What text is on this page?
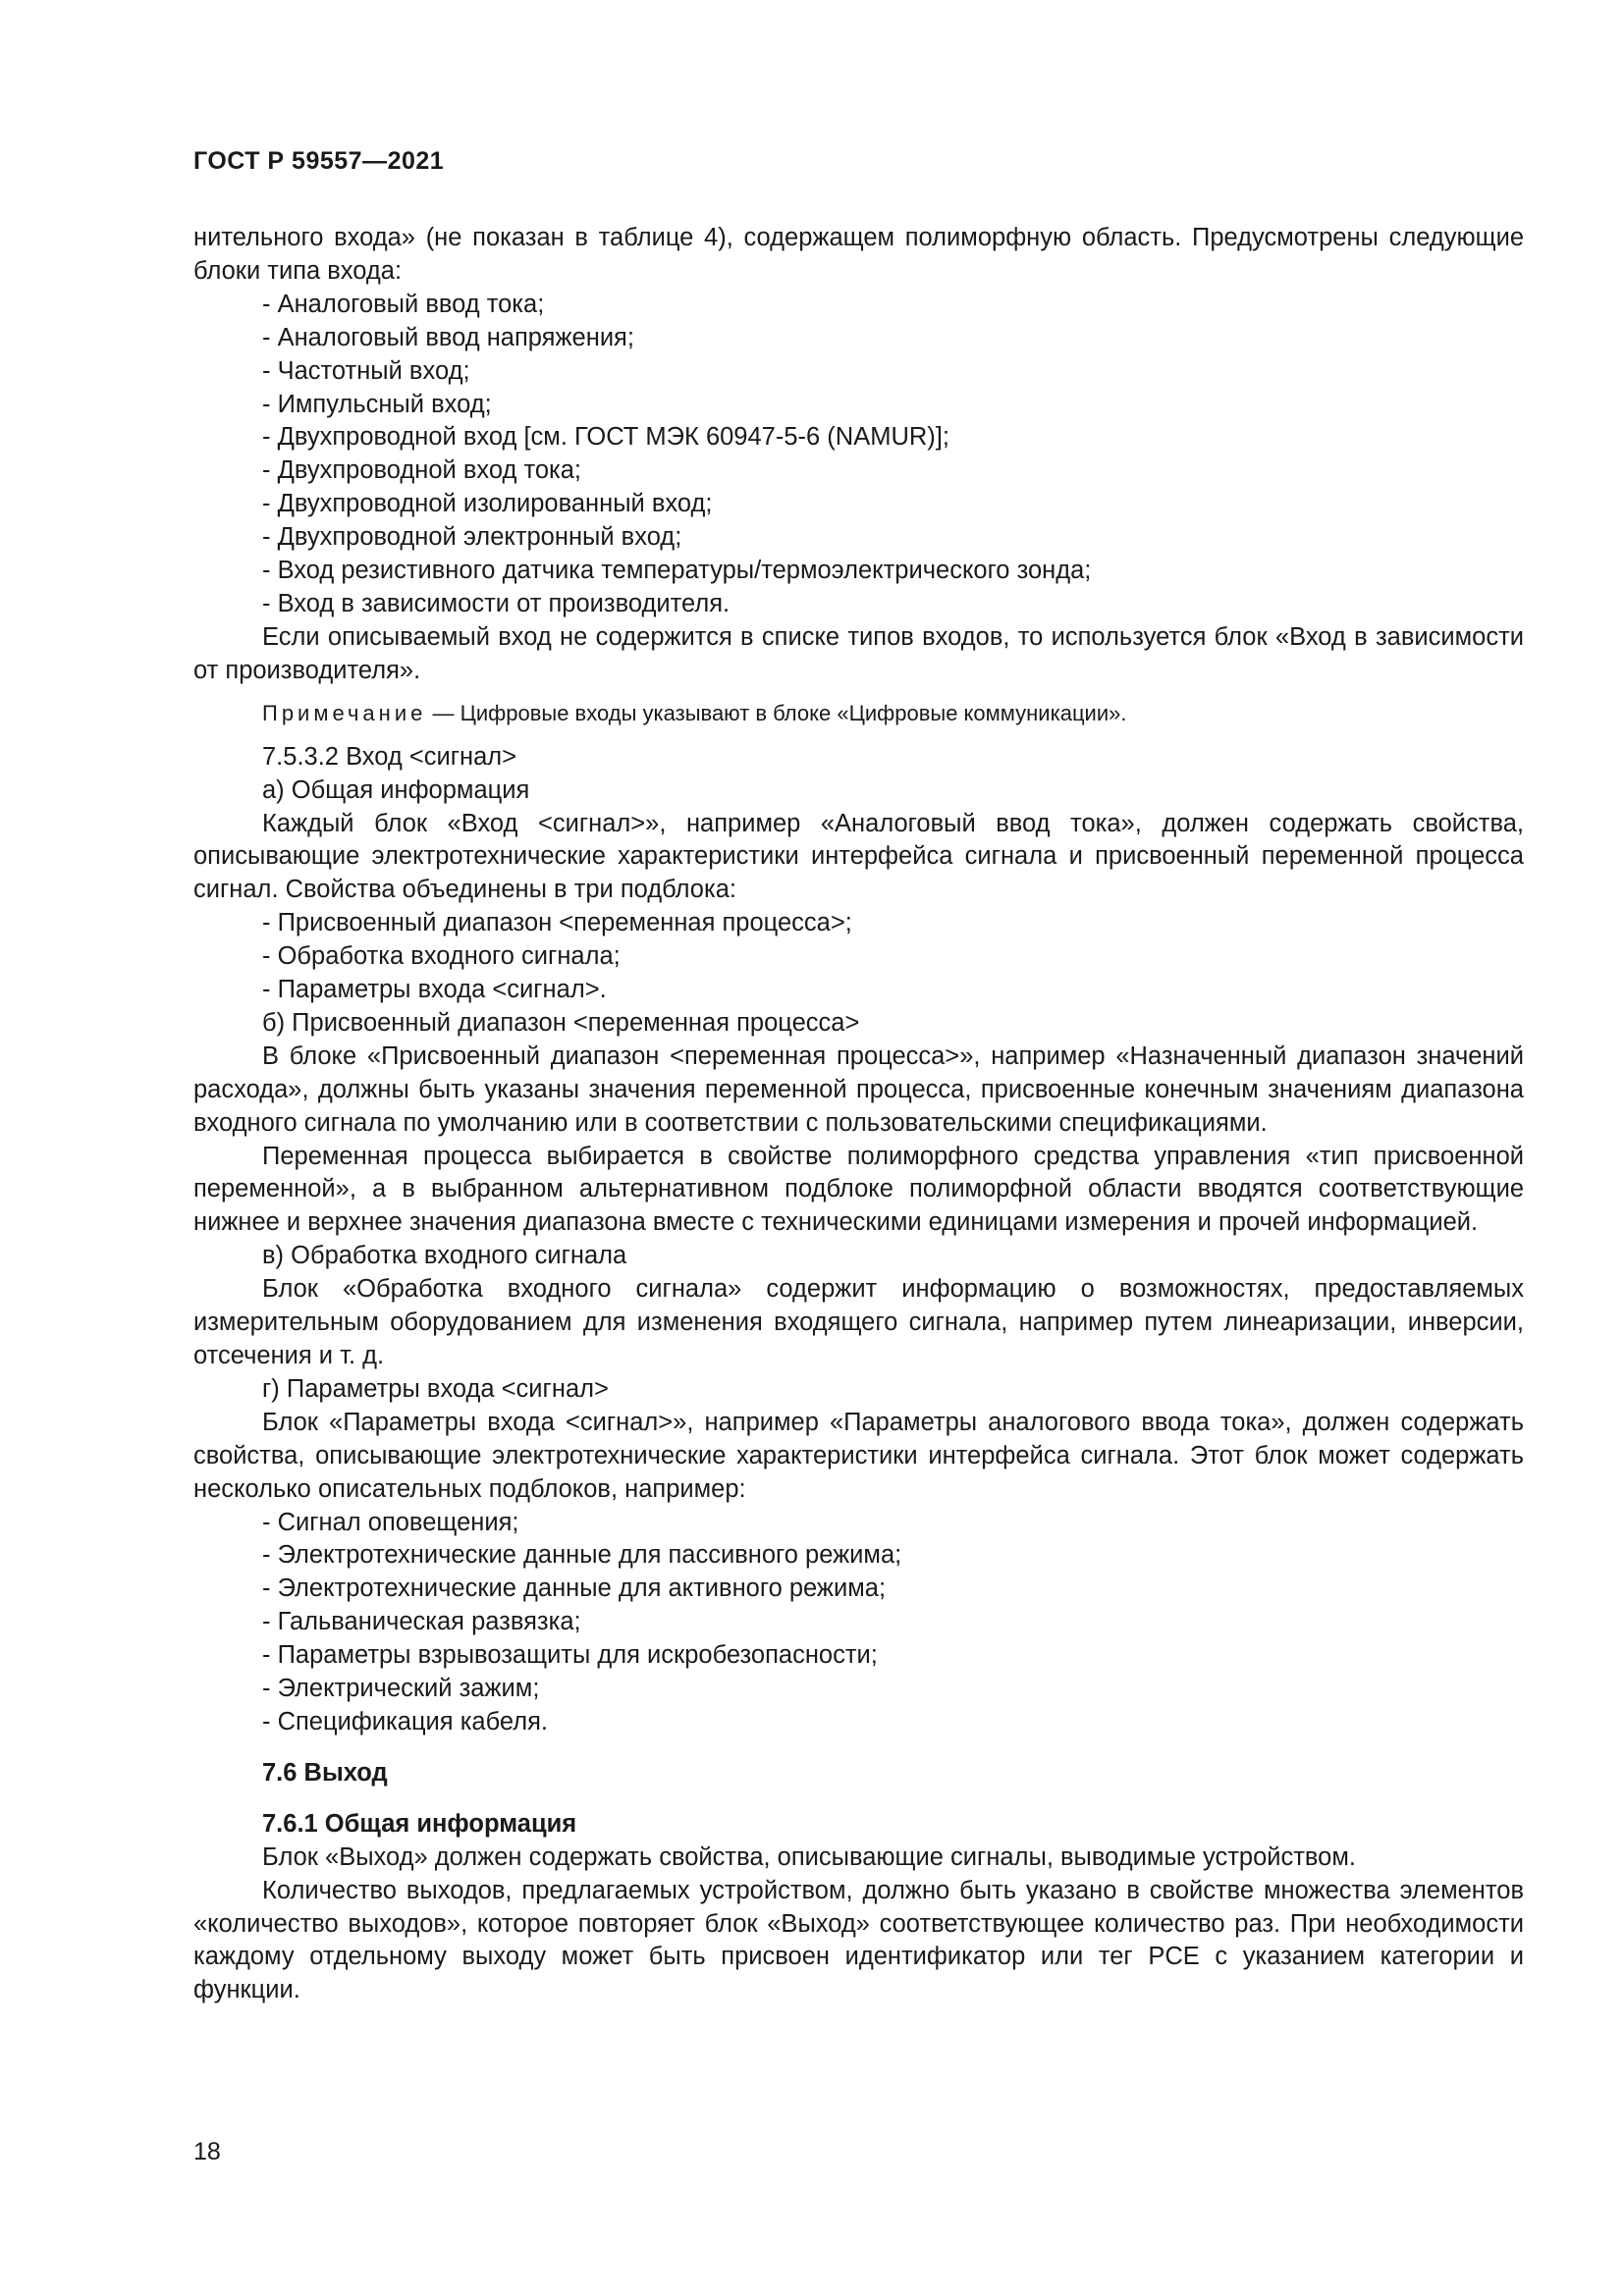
ГОСТ Р 59557—2021

нительного входа» (не показан в таблице 4), содержащем полиморфную область. Предусмотрены следующие блоки типа входа:

- Аналоговый ввод тока;

- Аналоговый ввод напряжения;

- Частотный вход;

- Импульсный вход;

- Двухпроводной вход [см. ГОСТ МЭК 60947-5-6 (NAMUR)];

- Двухпроводной вход тока;

- Двухпроводной изолированный вход;

- Двухпроводной электронный вход;

- Вход резистивного датчика температуры/термоэлектрического зонда;

- Вход в зависимости от производителя.

Если описываемый вход не содержится в списке типов входов, то используется блок «Вход в зависимости от производителя».

Примечание — Цифровые входы указывают в блоке «Цифровые коммуникации».

7.5.3.2 Вход <сигнал>

а) Общая информация

Каждый блок «Вход <сигнал>», например «Аналоговый ввод тока», должен содержать свойства, описывающие электротехнические характеристики интерфейса сигнала и присвоенный переменной процесса сигнал. Свойства объединены в три подблока:

- Присвоенный диапазон <переменная процесса>;

- Обработка входного сигнала;

- Параметры входа <сигнал>.

б) Присвоенный диапазон <переменная процесса>

В блоке «Присвоенный диапазон <переменная процесса>», например «Назначенный диапазон значений расхода», должны быть указаны значения переменной процесса, присвоенные конечным значениям диапазона входного сигнала по умолчанию или в соответствии с пользовательскими спецификациями.

Переменная процесса выбирается в свойстве полиморфного средства управления «тип присвоенной переменной», а в выбранном альтернативном подблоке полиморфной области вводятся соответствующие нижнее и верхнее значения диапазона вместе с техническими единицами измерения и прочей информацией.

в) Обработка входного сигнала

Блок «Обработка входного сигнала» содержит информацию о возможностях, предоставляемых измерительным оборудованием для изменения входящего сигнала, например путем линеаризации, инверсии, отсечения и т. д.

г) Параметры входа <сигнал>

Блок «Параметры входа <сигнал>», например «Параметры аналогового ввода тока», должен содержать свойства, описывающие электротехнические характеристики интерфейса сигнала. Этот блок может содержать несколько описательных подблоков, например:

- Сигнал оповещения;

- Электротехнические данные для пассивного режима;

- Электротехнические данные для активного режима;

- Гальваническая развязка;

- Параметры взрывозащиты для искробезопасности;

- Электрический зажим;

- Спецификация кабеля.

7.6 Выход

7.6.1 Общая информация

Блок «Выход» должен содержать свойства, описывающие сигналы, выводимые устройством.

Количество выходов, предлагаемых устройством, должно быть указано в свойстве множества элементов «количество выходов», которое повторяет блок «Выход» соответствующее количество раз. При необходимости каждому отдельному выходу может быть присвоен идентификатор или тег PCE с указанием категории и функции.

18
